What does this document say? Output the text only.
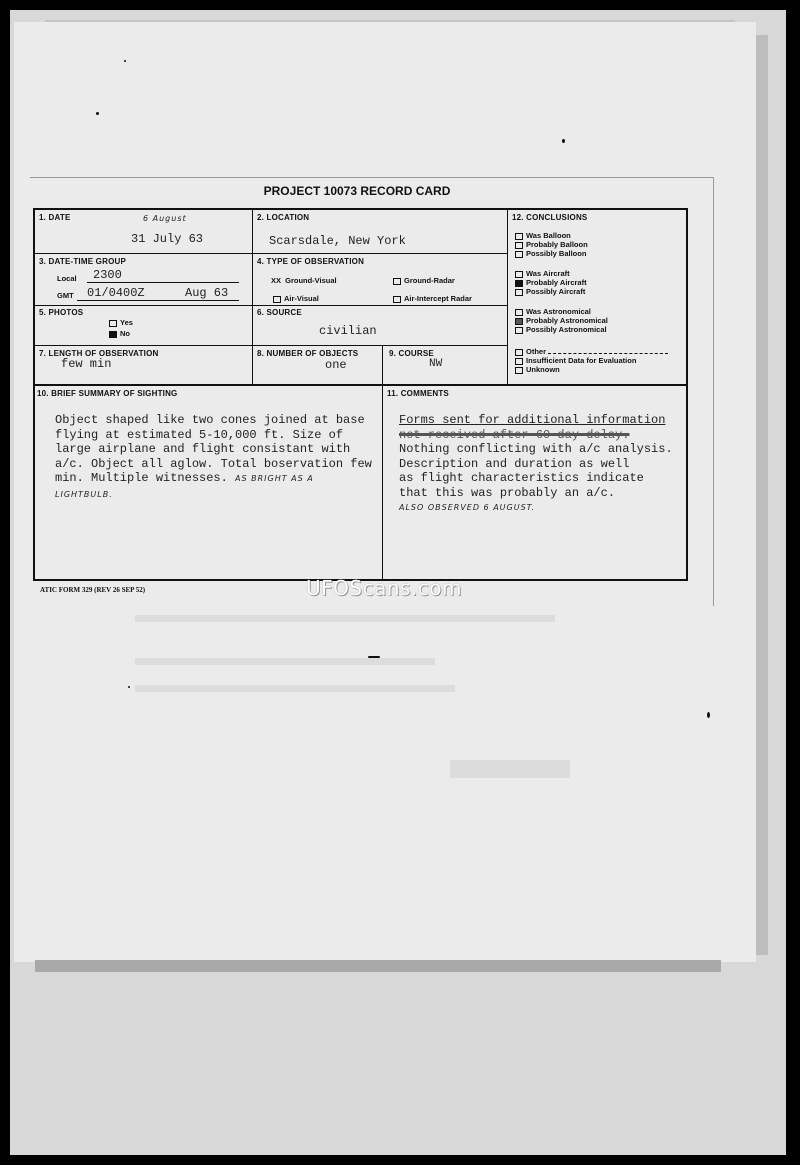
PROJECT 10073 RECORD CARD
1. DATE	6 August
31 July 63
2. LOCATION
Scarsdale, New York
3. DATE-TIME GROUP
Local 2300
GMT 01/0400Z	Aug 63
4. TYPE OF OBSERVATION
XX Ground-Visual	Ground-Radar
Air-Visual	Air-Intercept Radar
5. PHOTOS
Yes
No
6. SOURCE
civilian
7. LENGTH OF OBSERVATION
few min
8. NUMBER OF OBJECTS
one
9. COURSE
NW
12. CONCLUSIONS
Was Balloon
Probably Balloon
Possibly Balloon
Was Aircraft
Probably Aircraft
Possibly Aircraft
Was Astronomical
Probably Astronomical
Possibly Astronomical
Other
Insufficient Data for Evaluation
Unknown
10. BRIEF SUMMARY OF SIGHTING
Object shaped like two cones joined at base
flying at estimated 5-10,000 ft. Size of
large airplane and flight consistant with
a/c. Object all aglow. Total boservation few
min. Multiple witnesses. AS BRIGHT AS A
LIGHTBULB.
11. COMMENTS
Forms sent for additional information
not received after 60 day delay.
Nothing conflicting with a/c analysis.
Description and duration as well
as flight characteristics indicate
that this was probably an a/c.
ALSO OBSERVED 6 AUGUST.
ATIC FORM 329 (REV 26 SEP 52)	UFOScans.com
